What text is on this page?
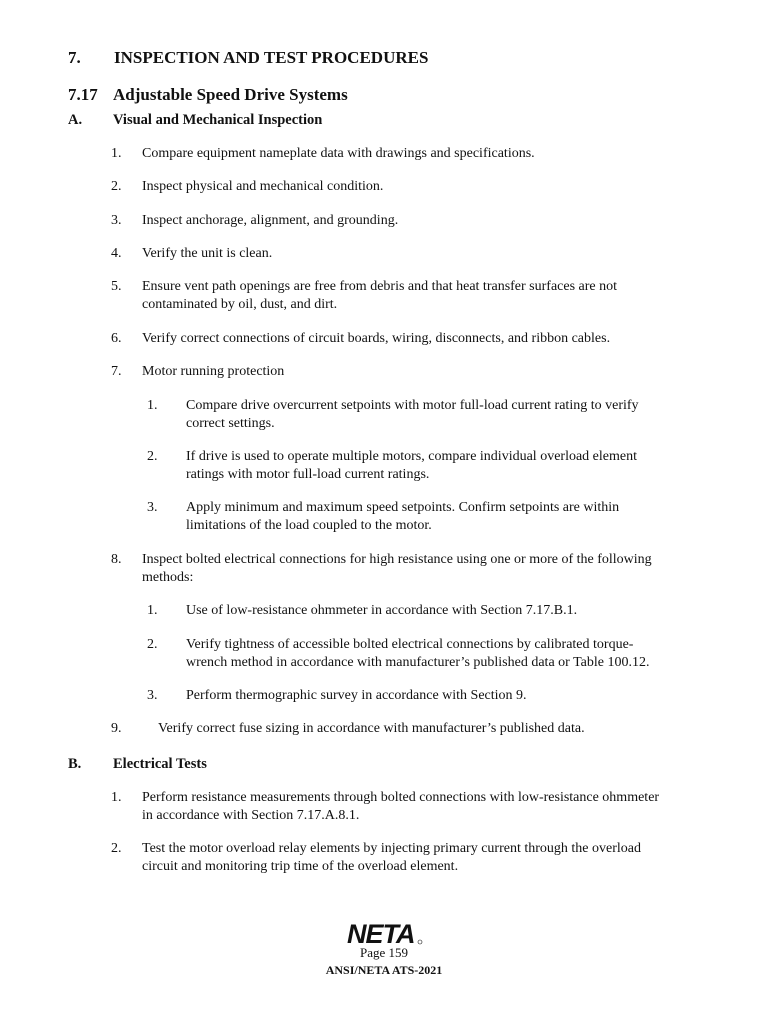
7. INSPECTION AND TEST PROCEDURES
7.17 Adjustable Speed Drive Systems
A. Visual and Mechanical Inspection
1.	Compare equipment nameplate data with drawings and specifications.
2.	Inspect physical and mechanical condition.
3.	Inspect anchorage, alignment, and grounding.
4.	Verify the unit is clean.
5.	Ensure vent path openings are free from debris and that heat transfer surfaces are not
contaminated by oil, dust, and dirt.
6.	Verify correct connections of circuit boards, wiring, disconnects, and ribbon cables.
7.	Motor running protection
1.	Compare drive overcurrent setpoints with motor full-load current rating to verify
correct settings.
2.	If drive is used to operate multiple motors, compare individual overload element
ratings with motor full-load current ratings.
3.	Apply minimum and maximum speed setpoints. Confirm setpoints are within
limitations of the load coupled to the motor.
8.	Inspect bolted electrical connections for high resistance using one or more of the following
methods:
1.	Use of low-resistance ohmmeter in accordance with Section 7.17.B.1.
2.	Verify tightness of accessible bolted electrical connections by calibrated torque-
wrench method in accordance with manufacturer’s published data or Table 100.12.
3.	Perform thermographic survey in accordance with Section 9.
9.	Verify correct fuse sizing in accordance with manufacturer’s published data.
B. Electrical Tests
1.	Perform resistance measurements through bolted connections with low-resistance ohmmeter
in accordance with Section 7.17.A.8.1.
2.	Test the motor overload relay elements by injecting primary current through the overload
circuit and monitoring trip time of the overload element.
NETA
Page 159
ANSI/NETA ATS-2021
